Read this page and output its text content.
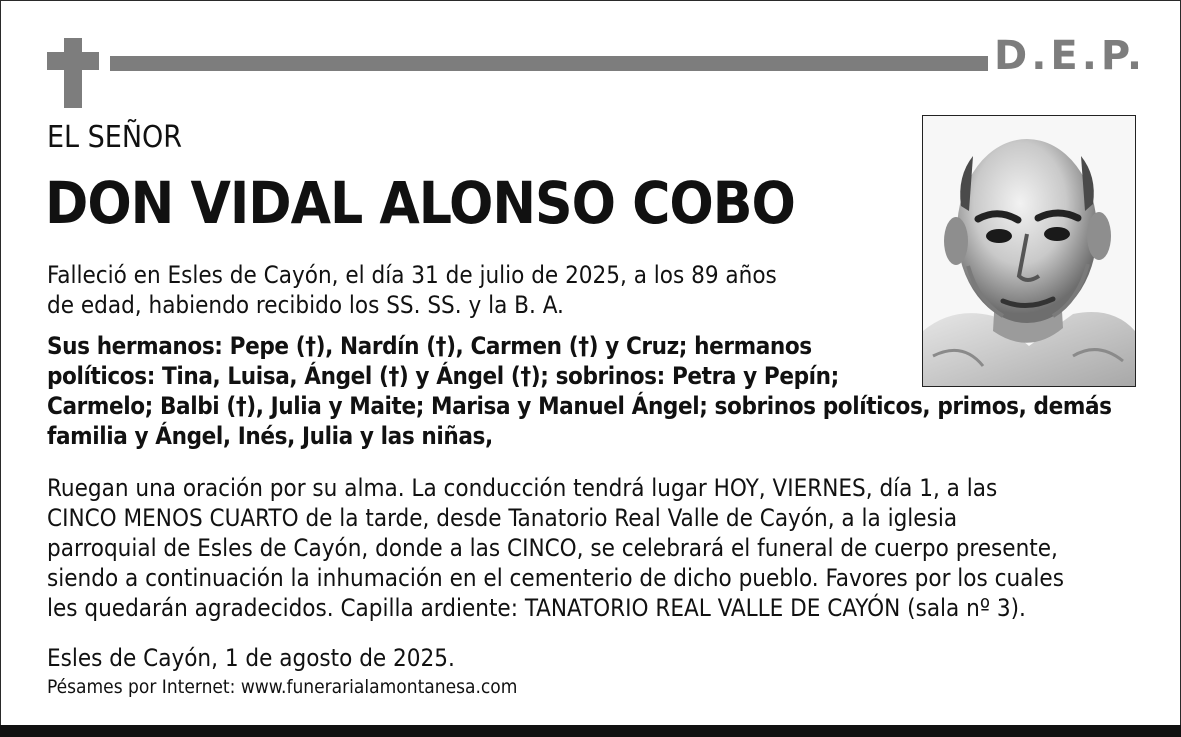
D.E.P.
EL SEÑOR
DON VIDAL ALONSO COBO

Falleció en Esles de Cayón, el día 31 de julio de 2025, a los 89 años
de edad, habiendo recibido los SS. SS. y la B. A.

Sus hermanos: Pepe (†), Nardín (†), Carmen (†) y Cruz; hermanos
políticos: Tina, Luisa, Ángel (†) y Ángel (†); sobrinos: Petra y Pepín;
Carmelo; Balbi (†), Julia y Maite; Marisa y Manuel Ángel; sobrinos políticos, primos, demás
familia y Ángel, Inés, Julia y las niñas,

Ruegan una oración por su alma. La conducción tendrá lugar HOY, VIERNES, día 1, a las
CINCO MENOS CUARTO de la tarde, desde Tanatorio Real Valle de Cayón, a la iglesia
parroquial de Esles de Cayón, donde a las CINCO, se celebrará el funeral de cuerpo presente,
siendo a continuación la inhumación en el cementerio de dicho pueblo. Favores por los cuales
les quedarán agradecidos. Capilla ardiente: TANATORIO REAL VALLE DE CAYÓN (sala nº 3).

Esles de Cayón, 1 de agosto de 2025.

Pésames por Internet: www.funerarialamontanesa.com
